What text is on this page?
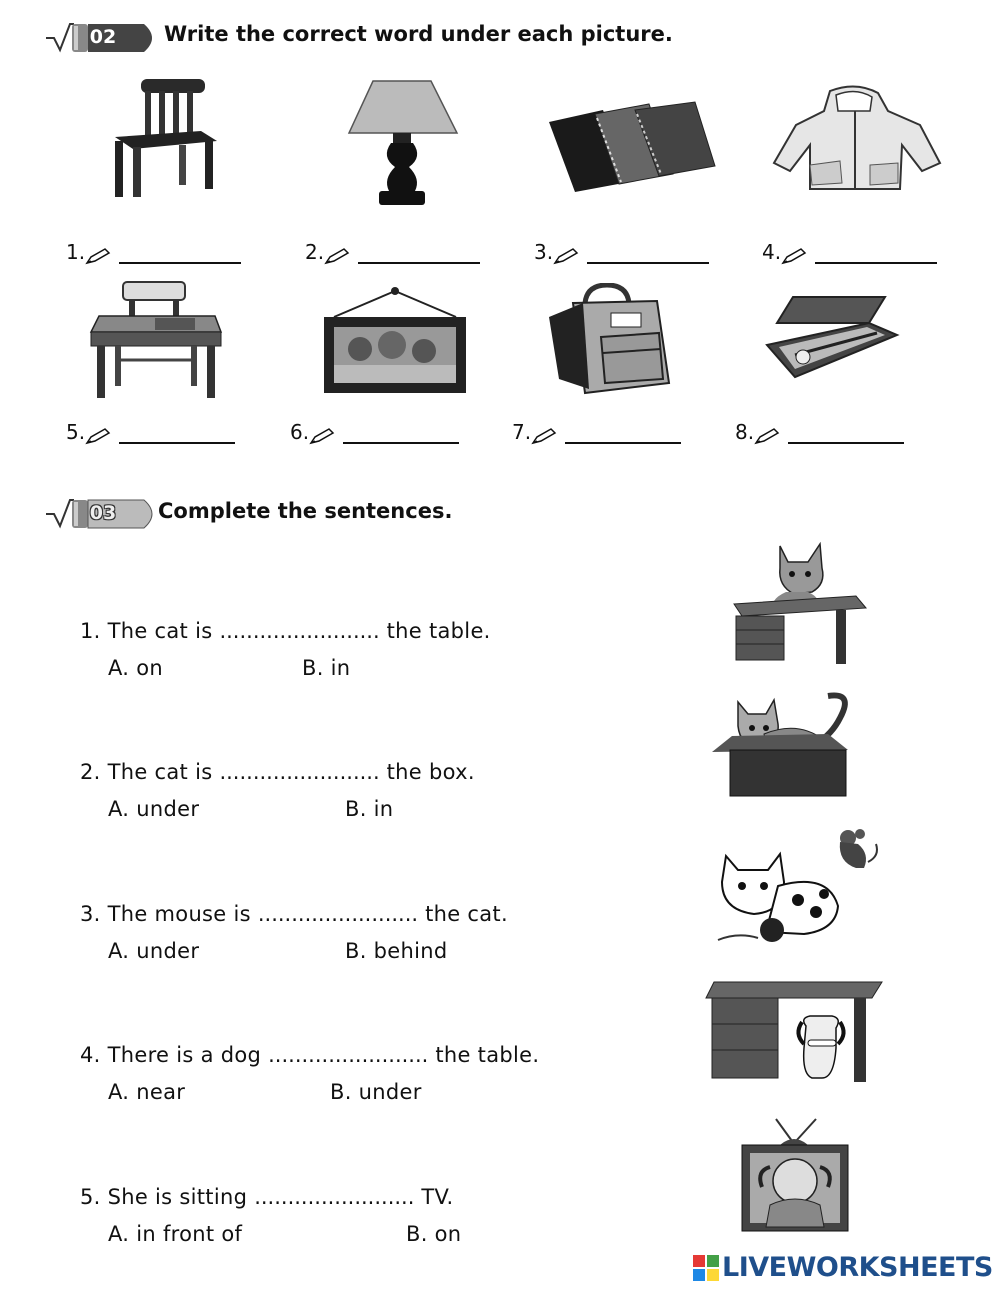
02	Write the correct word under each picture.
1.	2.	3.	4.
5.	6.	7.	8.
03	Complete the sentences.
1. The cat is ........................ the table.
A. on	B. in
2. The cat is ........................ the box.
A. under	B. in
3. The mouse is ........................ the cat.
A. under	B. behind
4. There is a dog ........................ the table.
A. near	B. under
5. She is sitting ........................ TV.
A. in front of	B. on
LIVEWORKSHEETS
